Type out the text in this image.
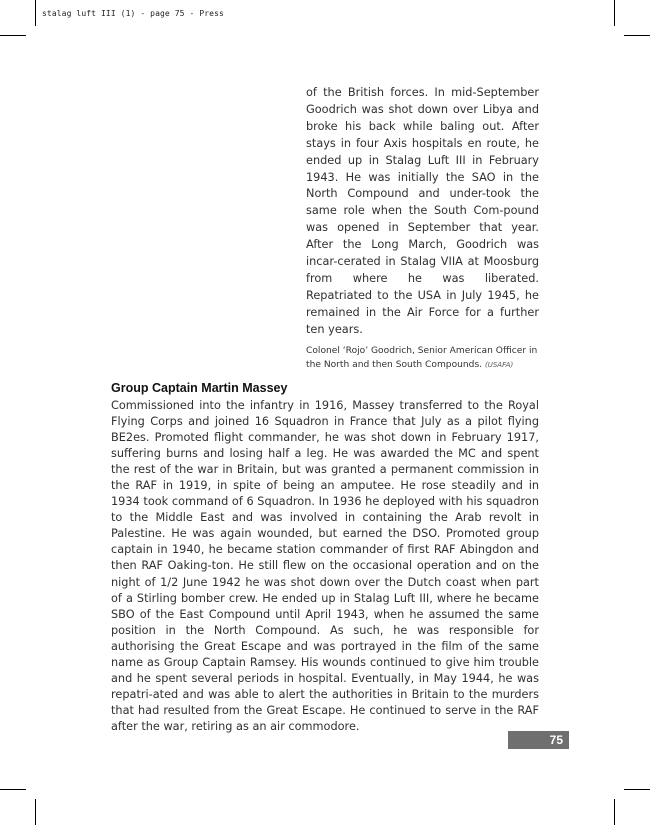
stalag luft III (1) - page 75 - Press

of the British forces. In mid-September Goodrich was shot down over Libya and broke his back while baling out. After stays in four Axis hospitals en route, he ended up in Stalag Luft III in February 1943. He was initially the SAO in the North Compound and under-took the same role when the South Com-pound was opened in September that year. After the Long March, Goodrich was incar-cerated in Stalag VIIA at Moosburg from where he was liberated. Repatriated to the USA in July 1945, he remained in the Air Force for a further ten years.

Colonel ‘Rojo’ Goodrich, Senior American Officer in the North and then South Compounds. (USAFA)
Group Captain Martin Massey

Commissioned into the infantry in 1916, Massey transferred to the Royal Flying Corps and joined 16 Squadron in France that July as a pilot flying BE2es. Promoted flight commander, he was shot down in February 1917, suffering burns and losing half a leg. He was awarded the MC and spent the rest of the war in Britain, but was granted a permanent commission in the RAF in 1919, in spite of being an amputee. He rose steadily and in 1934 took command of 6 Squadron. In 1936 he deployed with his squadron to the Middle East and was involved in containing the Arab revolt in Palestine. He was again wounded, but earned the DSO. Promoted group captain in 1940, he became station commander of first RAF Abingdon and then RAF Oaking-ton. He still flew on the occasional operation and on the night of 1/2 June 1942 he was shot down over the Dutch coast when part of a Stirling bomber crew. He ended up in Stalag Luft III, where he became SBO of the East Compound until April 1943, when he assumed the same position in the North Compound. As such, he was responsible for authorising the Great Escape and was portrayed in the film of the same name as Group Captain Ramsey. His wounds continued to give him trouble and he spent several periods in hospital. Eventually, in May 1944, he was repatri-ated and was able to alert the authorities in Britain to the murders that had resulted from the Great Escape. He continued to serve in the RAF after the war, retiring as an air commodore.

75
